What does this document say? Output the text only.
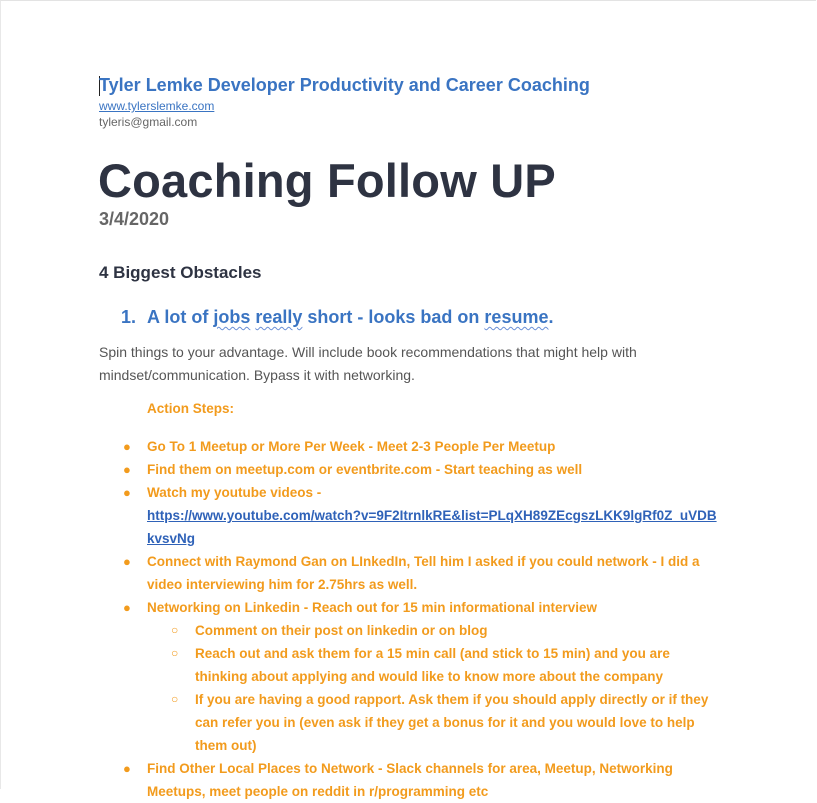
Tyler Lemke Developer Productivity and Career Coaching
www.tylerslemke.com
tyleris@gmail.com
Coaching Follow UP
3/4/2020
4 Biggest Obstacles
1. A lot of jobs really short - looks bad on resume.
Spin things to your advantage. Will include book recommendations that might help with mindset/communication. Bypass it with networking.
Action Steps:
● Go To 1 Meetup or More Per Week - Meet 2-3 People Per Meetup
● Find them on meetup.com or eventbrite.com - Start teaching as well
● Watch my youtube videos -
https://www.youtube.com/watch?v=9F2ItrnlkRE&list=PLqXH89ZEcgszLKK9lgRf0Z_uVDBkvsvNg
● Connect with Raymond Gan on LInkedIn, Tell him I asked if you could network - I did a video interviewing him for 2.75hrs as well.
● Networking on Linkedin - Reach out for 15 min informational interview
○ Comment on their post on linkedin or on blog
○ Reach out and ask them for a 15 min call (and stick to 15 min) and you are thinking about applying and would like to know more about the company
○ If you are having a good rapport. Ask them if you should apply directly or if they can refer you in (even ask if they get a bonus for it and you would love to help them out)
● Find Other Local Places to Network - Slack channels for area, Meetup, Networking Meetups, meet people on reddit in r/programming etc
